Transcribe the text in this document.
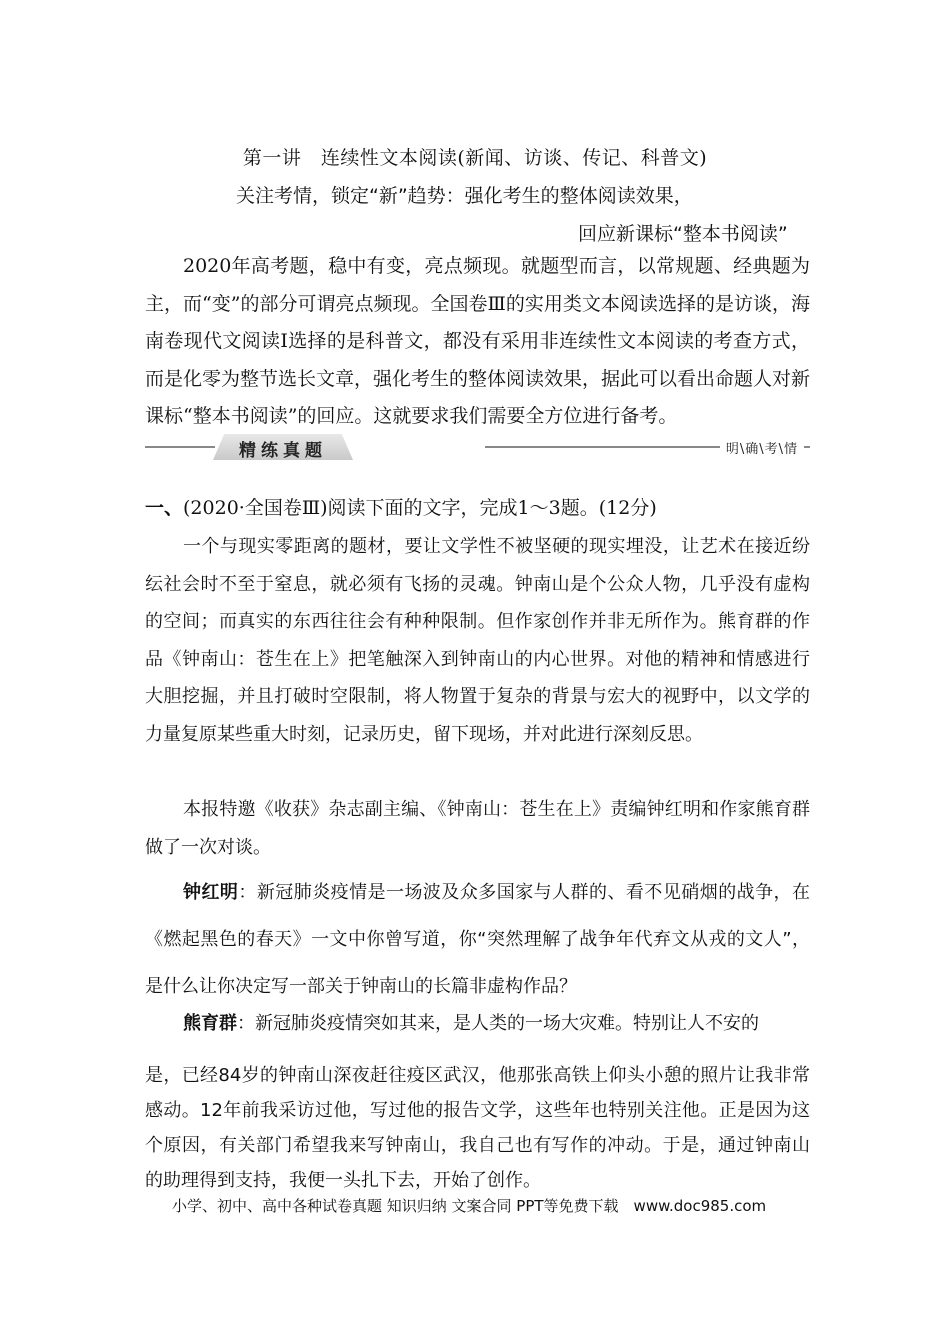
第一讲　连续性文本阅读(新闻、访谈、传记、科普文)
关注考情，锁定“新”趋势：强化考生的整体阅读效果，
回应新课标“整本书阅读”
2020年高考题，稳中有变，亮点频现。就题型而言，以常规题、经典题为主，而“变”的部分可谓亮点频现。全国卷Ⅲ的实用类文本阅读选择的是访谈，海南卷现代文阅读Ⅰ选择的是科普文，都没有采用非连续性文本阅读的考查方式，而是化零为整节选长文章，强化考生的整体阅读效果，据此可以看出命题人对新课标“整本书阅读”的回应。这就要求我们需要全方位进行备考。
精练真题	明\确\考\情
一、(2020·全国卷Ⅲ)阅读下面的文字，完成1～3题。(12分)
一个与现实零距离的题材，要让文学性不被坚硬的现实埋没，让艺术在接近纷纭社会时不至于窒息，就必须有飞扬的灵魂。钟南山是个公众人物，几乎没有虚构的空间；而真实的东西往往会有种种限制。但作家创作并非无所作为。熊育群的作品《钟南山：苍生在上》把笔触深入到钟南山的内心世界。对他的精神和情感进行大胆挖掘，并且打破时空限制，将人物置于复杂的背景与宏大的视野中，以文学的力量复原某些重大时刻，记录历史，留下现场，并对此进行深刻反思。
本报特邀《收获》杂志副主编、《钟南山：苍生在上》责编钟红明和作家熊育群做了一次对谈。
钟红明：新冠肺炎疫情是一场波及众多国家与人群的、看不见硝烟的战争，在《燃起黑色的春天》一文中你曾写道，你“突然理解了战争年代弃文从戎的文人”，是什么让你决定写一部关于钟南山的长篇非虚构作品？
熊育群：新冠肺炎疫情突如其来，是人类的一场大灾难。特别让人不安的
是，已经84岁的钟南山深夜赶往疫区武汉，他那张高铁上仰头小憩的照片让我非常感动。12年前我采访过他，写过他的报告文学，这些年也特别关注他。正是因为这个原因，有关部门希望我来写钟南山，我自己也有写作的冲动。于是，通过钟南山的助理得到支持，我便一头扎下去，开始了创作。
小学、初中、高中各种试卷真题 知识归纳 文案合同 PPT等免费下载　www.doc985.com
